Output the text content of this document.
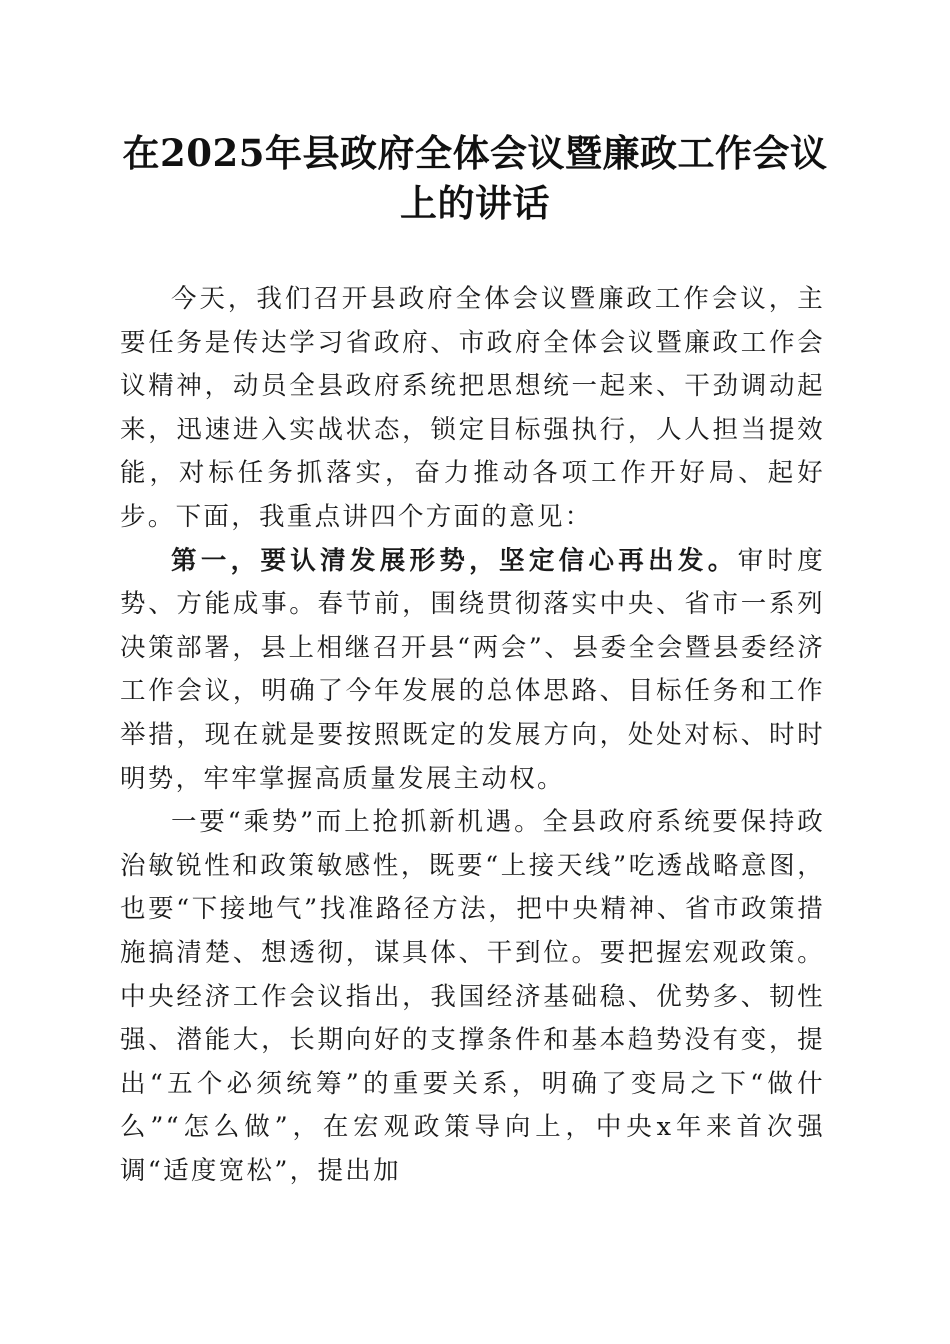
在2025年县政府全体会议暨廉政工作会议上的讲话

今天，我们召开县政府全体会议暨廉政工作会议，主要任务是传达学习省政府、市政府全体会议暨廉政工作会议精神，动员全县政府系统把思想统一起来、干劲调动起来，迅速进入实战状态，锁定目标强执行，人人担当提效能，对标任务抓落实，奋力推动各项工作开好局、起好步。下面，我重点讲四个方面的意见：

第一，要认清发展形势，坚定信心再出发。审时度势、方能成事。春节前，围绕贯彻落实中央、省市一系列决策部署，县上相继召开县“两会”、县委全会暨县委经济工作会议，明确了今年发展的总体思路、目标任务和工作举措，现在就是要按照既定的发展方向，处处对标、时时明势，牢牢掌握高质量发展主动权。

一要“乘势”而上抢抓新机遇。全县政府系统要保持政治敏锐性和政策敏感性，既要“上接天线”吃透战略意图，也要“下接地气”找准路径方法，把中央精神、省市政策措施搞清楚、想透彻，谋具体、干到位。要把握宏观政策。中央经济工作会议指出，我国经济基础稳、优势多、韧性强、潜能大，长期向好的支撑条件和基本趋势没有变，提出“五个必须统筹”的重要关系，明确了变局之下“做什么”“怎么做”，在宏观政策导向上，中央x年来首次强调“适度宽松”，提出加
